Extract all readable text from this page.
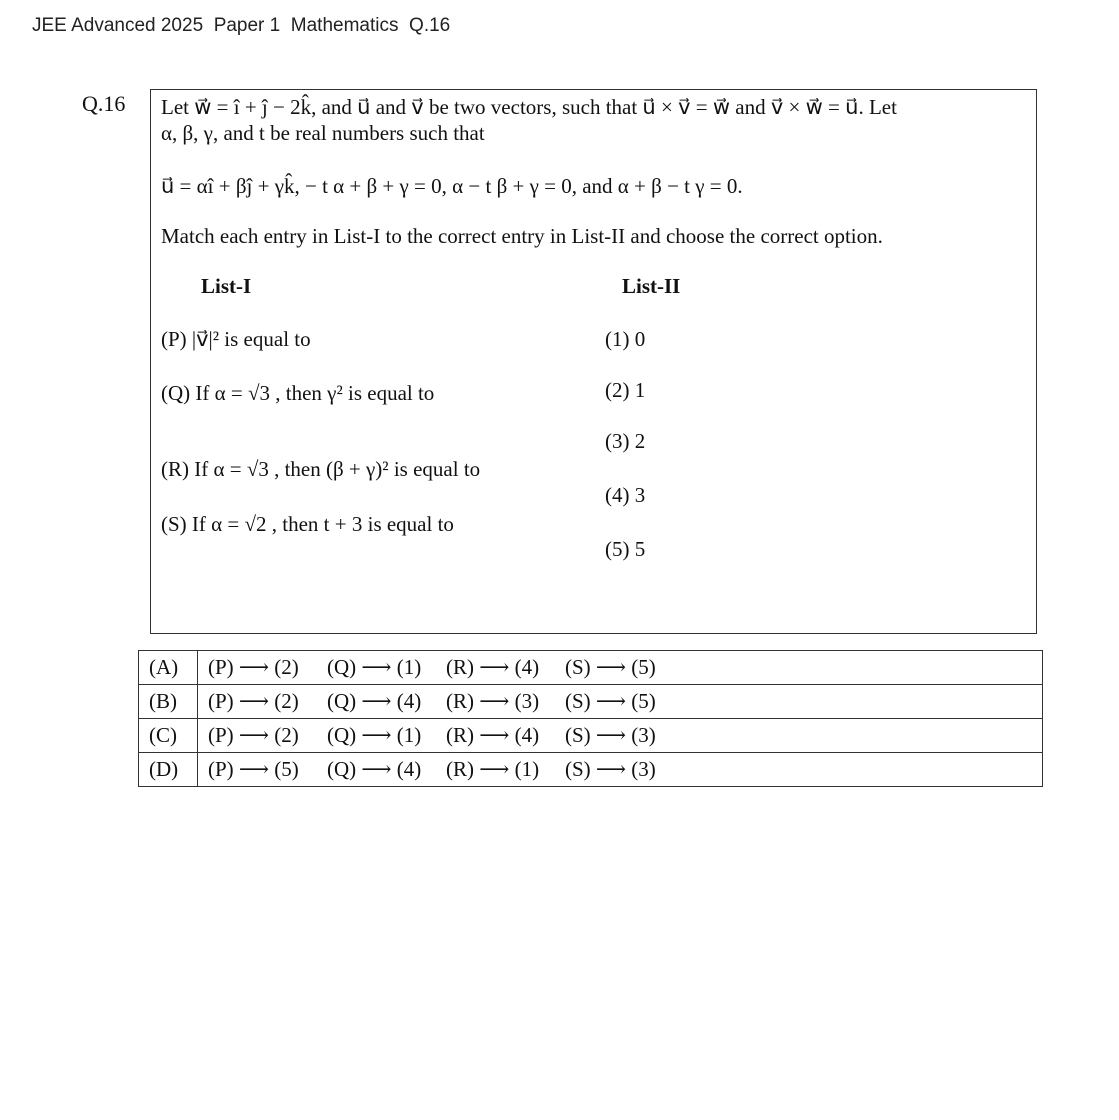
JEE Advanced 2025  Paper 1  Mathematics  Q.16
Q.16 Let w⃗ = î + ĵ − 2k̂, and u⃗ and v⃗ be two vectors, such that u⃗ × v⃗ = w⃗ and v⃗ × w⃗ = u⃗. Let
α, β, γ, and t be real numbers such that
u⃗ = αî + βĵ + γk̂, − t α + β + γ = 0, α − t β + γ = 0, and α + β − t γ = 0.
Match each entry in List-I to the correct entry in List-II and choose the correct option.
List-I	List-II
(P) |v⃗|² is equal to
(Q) If α = √3 , then γ² is equal to
(R) If α = √3 , then (β + γ)² is equal to
(S) If α = √2 , then t + 3 is equal to
(1) 0
(2) 1
(3) 2
(4) 3
(5) 5
(A)	(P) ⟶ (2) (Q) ⟶ (1) (R) ⟶ (4) (S) ⟶ (5)
(B)	(P) ⟶ (2) (Q) ⟶ (4) (R) ⟶ (3) (S) ⟶ (5)
(C)	(P) ⟶ (2) (Q) ⟶ (1) (R) ⟶ (4) (S) ⟶ (3)
(D)	(P) ⟶ (5) (Q) ⟶ (4) (R) ⟶ (1) (S) ⟶ (3)
